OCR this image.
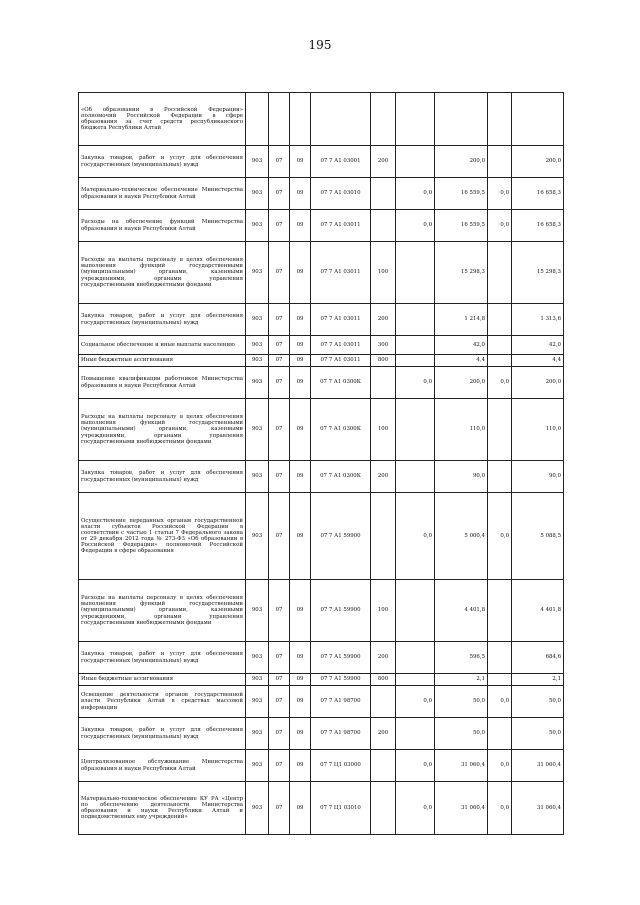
195
«Об образовании в Российской Федерации» полномочий Российской Федерации в сфере образования за счет средств республиканского бюджета Республики Алтай									
Закупка товаров, работ и услуг для обеспечения государственных (муниципальных) нужд	903	07	09	07 7 А1 03001	200		200,0		200,0
Материально-техническое обеспечение Министерства образования и науки Республики Алтай	903	07	09	07 7 А1 03010		0,0	16 559,5	0,0	16 658,3
Расходы на обеспечение функций Министерства образования и науки Республики Алтай	903	07	09	07 7 А1 03011		0,0	16 559,5	0,0	16 658,3
Расходы на выплаты персоналу в целях обеспечения выполнения функций государственными (муниципальными) органами, казенными учреждениями, органами управления государственными внебюджетными фондами	903	07	09	07 7 А1 03011	100		15 298,3		15 298,3
Закупка товаров, работ и услуг для обеспечения государственных (муниципальных) нужд	903	07	09	07 7 А1 03011	200		1 214,8		1 313,6
Социальное обеспечение и иные выплаты населению	903	07	09	07 7 А1 03011	300		42,0		42,0
Иные бюджетные ассигнования	903	07	09	07 7 А1 03011	800		4,4		4,4
Повышение квалификации работников Министерства образования и науки Республики Алтай	903	07	09	07 7 А1 0300К		0,0	200,0	0,0	200,0
Расходы на выплаты персоналу в целях обеспечения выполнения функций государственными (муниципальными) органами, казенными учреждениями, органами управления государственными внебюджетными фондами	903	07	09	07 7 А1 0300К	100		110,0		110,0
Закупка товаров, работ и услуг для обеспечения государственных (муниципальных) нужд	903	07	09	07 7 А1 0300К	200		90,0		90,0
Осуществление переданных органам государственной власти субъектов Российской Федерации в соответствии с частью 1 статьи 7 Федерального закона от 29 декабря 2012 года № 273-ФЗ «Об образовании в Российской Федерации» полномочий Российской Федерации в сфере образования	903	07	09	07 7 А1 59900		0,0	5 000,4	0,0	5 088,5
Расходы на выплаты персоналу в целях обеспечения выполнения функций государственными (муниципальными) органами, казенными учреждениями, органами управления государственными внебюджетными фондами	903	07	09	07 7 А1 59900	100		4 401,8		4 401,8
Закупка товаров, работ и услуг для обеспечения государственных (муниципальных) нужд	903	07	09	07 7 А1 59900	200		596,5		684,6
Иные бюджетные ассигнования	903	07	09	07 7 А1 59900	800		2,1		2,1
Освещение деятельности органов государственной власти Республики Алтай в средствах массовой информации	903	07	09	07 7 А1 98700		0,0	50,0	0,0	50,0
Закупка товаров, работ и услуг для обеспечения государственных (муниципальных) нужд	903	07	09	07 7 А1 98700	200		50,0		50,0
Централизованное обслуживание Министерства образования и науки Республики Алтай	903	07	09	07 7 Ц1 03000		0,0	31 060,4	0,0	31 060,4
Материально-техническое обеспечение КУ РА «Центр по обеспечению деятельности Министерства образования и науки Республики Алтай и подведомственных ему учреждений»	903	07	09	07 7 Ц1 03010		0,0	31 060,4	0,0	31 060,4
